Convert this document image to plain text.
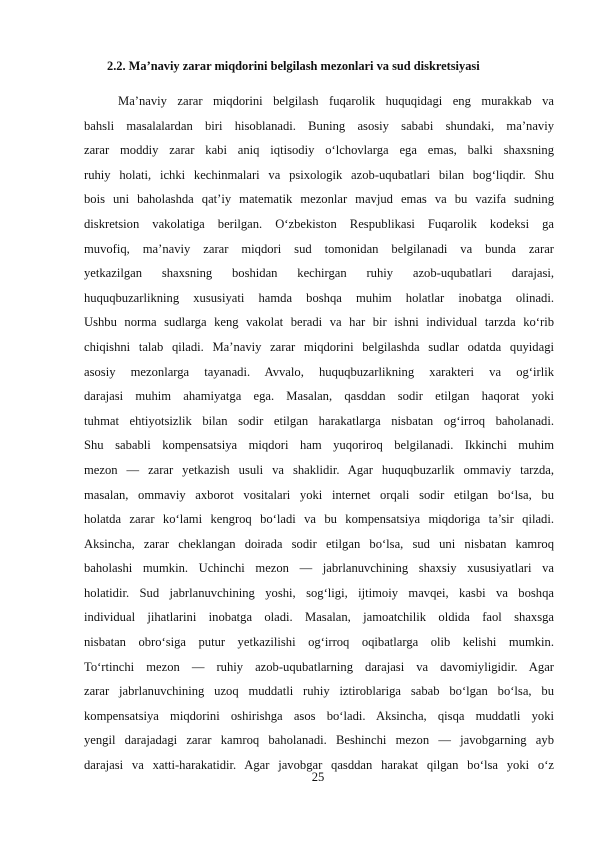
2.2. Ma’naviy zarar miqdorini belgilash mezonlari va sud diskretsiyasi
Ma’naviy zarar miqdorini belgilash fuqarolik huquqidagi eng murakkab va
bahsli masalalardan biri hisoblanadi. Buning asosiy sababi shundaki, ma’naviy
zarar moddiy zarar kabi aniq iqtisodiy o‘lchovlarga ega emas, balki shaxsning
ruhiy holati, ichki kechinmalari va psixologik azob-uqubatlari bilan bog‘liqdir. Shu
bois uni baholashda qat’iy matematik mezonlar mavjud emas va bu vazifa sudning
diskretsion vakolatiga berilgan. O‘zbekiston Respublikasi Fuqarolik kodeksi ga
muvofiq, ma’naviy zarar miqdori sud tomonidan belgilanadi va bunda zarar
yetkazilgan shaxsning boshidan kechirgan ruhiy azob-uqubatlari darajasi,
huquqbuzarlikning xususiyati hamda boshqa muhim holatlar inobatga olinadi.
Ushbu norma sudlarga keng vakolat beradi va har bir ishni individual tarzda ko‘rib
chiqishni talab qiladi. Ma’naviy zarar miqdorini belgilashda sudlar odatda quyidagi
asosiy mezonlarga tayanadi. Avvalo, huquqbuzarlikning xarakteri va og‘irlik
darajasi muhim ahamiyatga ega. Masalan, qasddan sodir etilgan haqorat yoki
tuhmat ehtiyotsizlik bilan sodir etilgan harakatlarga nisbatan og‘irroq baholanadi.
Shu sababli kompensatsiya miqdori ham yuqoriroq belgilanadi. Ikkinchi muhim
mezon — zarar yetkazish usuli va shaklidir. Agar huquqbuzarlik ommaviy tarzda,
masalan, ommaviy axborot vositalari yoki internet orqali sodir etilgan bo‘lsa, bu
holatda zarar ko‘lami kengroq bo‘ladi va bu kompensatsiya miqdoriga ta’sir qiladi.
Aksincha, zarar cheklangan doirada sodir etilgan bo‘lsa, sud uni nisbatan kamroq
baholashi mumkin. Uchinchi mezon — jabrlanuvchining shaxsiy xususiyatlari va
holatidir. Sud jabrlanuvchining yoshi, sog‘ligi, ijtimoiy mavqei, kasbi va boshqa
individual jihatlarini inobatga oladi. Masalan, jamoatchilik oldida faol shaxsga
nisbatan obro‘siga putur yetkazilishi og‘irroq oqibatlarga olib kelishi mumkin.
To‘rtinchi mezon — ruhiy azob-uqubatlarning darajasi va davomiyligidir. Agar
zarar jabrlanuvchining uzoq muddatli ruhiy iztiroblariga sabab bo‘lgan bo‘lsa, bu
kompensatsiya miqdorini oshirishga asos bo‘ladi. Aksincha, qisqa muddatli yoki
yengil darajadagi zarar kamroq baholanadi. Beshinchi mezon — javobgarning ayb
darajasi va xatti-harakatidir. Agar javobgar qasddan harakat qilgan bo‘lsa yoki o‘z
25
